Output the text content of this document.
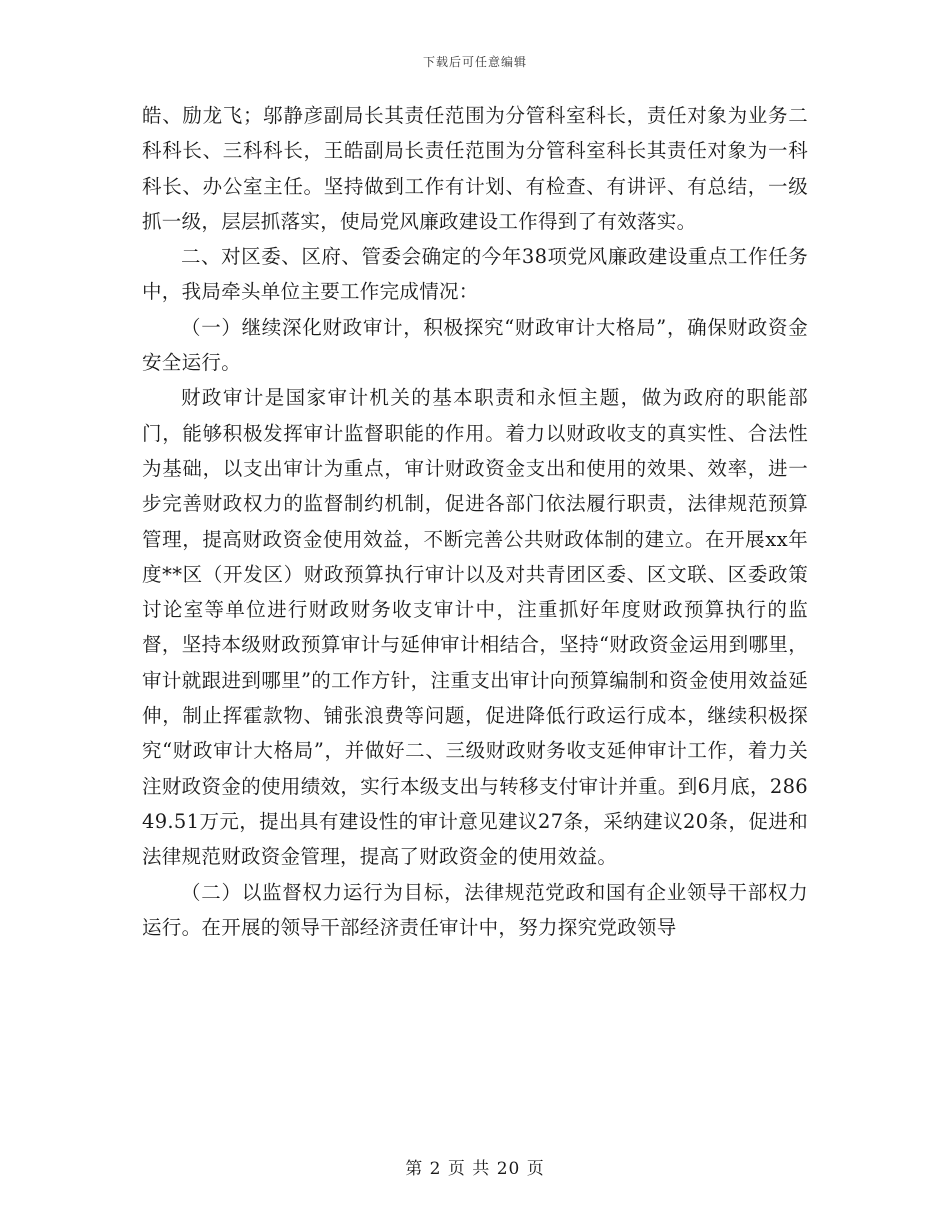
下载后可任意编辑

皓、励龙飞；邬静彦副局长其责任范围为分管科室科长，责任对象为业务二科科长、三科科长，王皓副局长责任范围为分管科室科长其责任对象为一科科长、办公室主任。坚持做到工作有计划、有检查、有讲评、有总结，一级抓一级，层层抓落实，使局党风廉政建设工作得到了有效落实。

二、对区委、区府、管委会确定的今年38项党风廉政建设重点工作任务中，我局牵头单位主要工作完成情况：

（一）继续深化财政审计，积极探究“财政审计大格局”，确保财政资金安全运行。

财政审计是国家审计机关的基本职责和永恒主题，做为政府的职能部门，能够积极发挥审计监督职能的作用。着力以财政收支的真实性、合法性为基础，以支出审计为重点，审计财政资金支出和使用的效果、效率，进一步完善财政权力的监督制约机制，促进各部门依法履行职责，法律规范预算管理，提高财政资金使用效益，不断完善公共财政体制的建立。在开展xx年度**区（开发区）财政预算执行审计以及对共青团区委、区文联、区委政策讨论室等单位进行财政财务收支审计中，注重抓好年度财政预算执行的监督，坚持本级财政预算审计与延伸审计相结合，坚持“财政资金运用到哪里，审计就跟进到哪里”的工作方针，注重支出审计向预算编制和资金使用效益延伸，制止挥霍款物、铺张浪费等问题，促进降低行政运行成本，继续积极探究“财政审计大格局”，并做好二、三级财政财务收支延伸审计工作，着力关注财政资金的使用绩效，实行本级支出与转移支付审计并重。到6月底，28649.51万元，提出具有建设性的审计意见建议27条，采纳建议20条，促进和法律规范财政资金管理，提高了财政资金的使用效益。

（二）以监督权力运行为目标，法律规范党政和国有企业领导干部权力运行。在开展的领导干部经济责任审计中，努力探究党政领导

第 2 页 共 20 页
